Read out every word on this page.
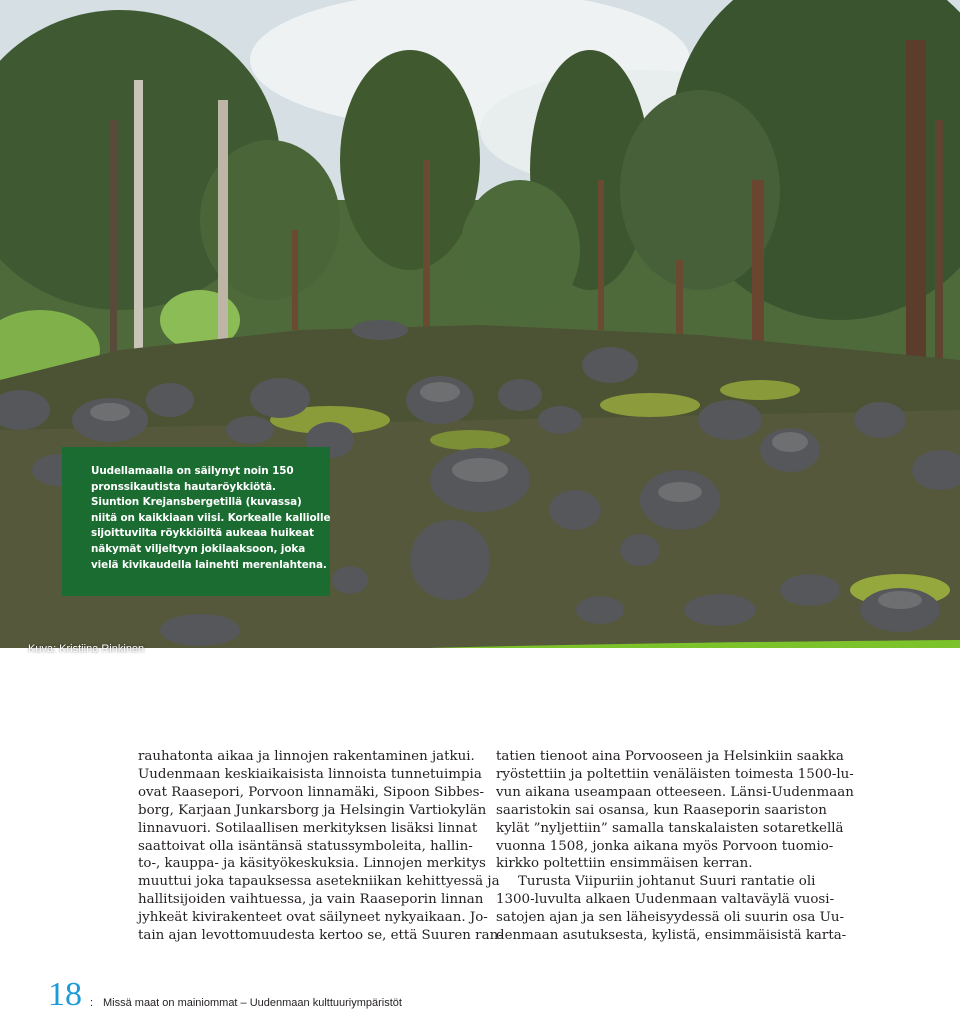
Uudellamaalla on säilynyt noin 150
pronssikautista hautaröykkiötä.
Siuntion Krejansbergetillä (kuvassa)
niitä on kaikkiaan viisi. Korkealle kalliolle
sijoittuvilta röykkiöiltä aukeaa huikeat
näkymät viljeltyyn jokilaaksoon, joka
vielä kivikaudella lainehti merenlahtena.
Kuva: Kristiina Rinkinen
rauhatonta aikaa ja linnojen rakentaminen jatkui.
Uudenmaan keskiaikaisista linnoista tunnetuimpia
ovat Raasepori, Porvoon linnamäki, Sipoon Sibbes-
borg, Karjaan Junkarsborg ja Helsingin Vartiokylän
linnavuori. Sotilaallisen merkityksen lisäksi linnat
saattoivat olla isäntänsä statussymboleita, hallin-
to-, kauppa- ja käsityökeskuksia. Linnojen merkitys
muuttui joka tapauksessa asetekniikan kehittyessä ja
hallitsijoiden vaihtuessa, ja vain Raaseporin linnan
jyhkeät kivirakenteet ovat säilyneet nykyaikaan. Jo-
tain ajan levottomuudesta kertoo se, että Suuren ran-
tatien tienoot aina Porvooseen ja Helsinkiin saakka
ryöstettiin ja poltettiin venäläisten toimesta 1500-lu-
vun aikana useampaan otteeseen. Länsi-Uudenmaan
saaristokin sai osansa, kun Raaseporin saariston
kylät ”nyljettiin” samalla tanskalaisten sotaretkellä
vuonna 1508, jonka aikana myös Porvoon tuomio-
kirkko poltettiin ensimmäisen kerran.
Turusta Viipuriin johtanut Suuri rantatie oli
1300-luvulta alkaen Uudenmaan valtaväylä vuosi-
satojen ajan ja sen läheisyydessä oli suurin osa Uu-
denmaan asutuksesta, kylistä, ensimmäisistä karta-
18 : Missä maat on mainiommat – Uudenmaan kulttuuriympäristöt
